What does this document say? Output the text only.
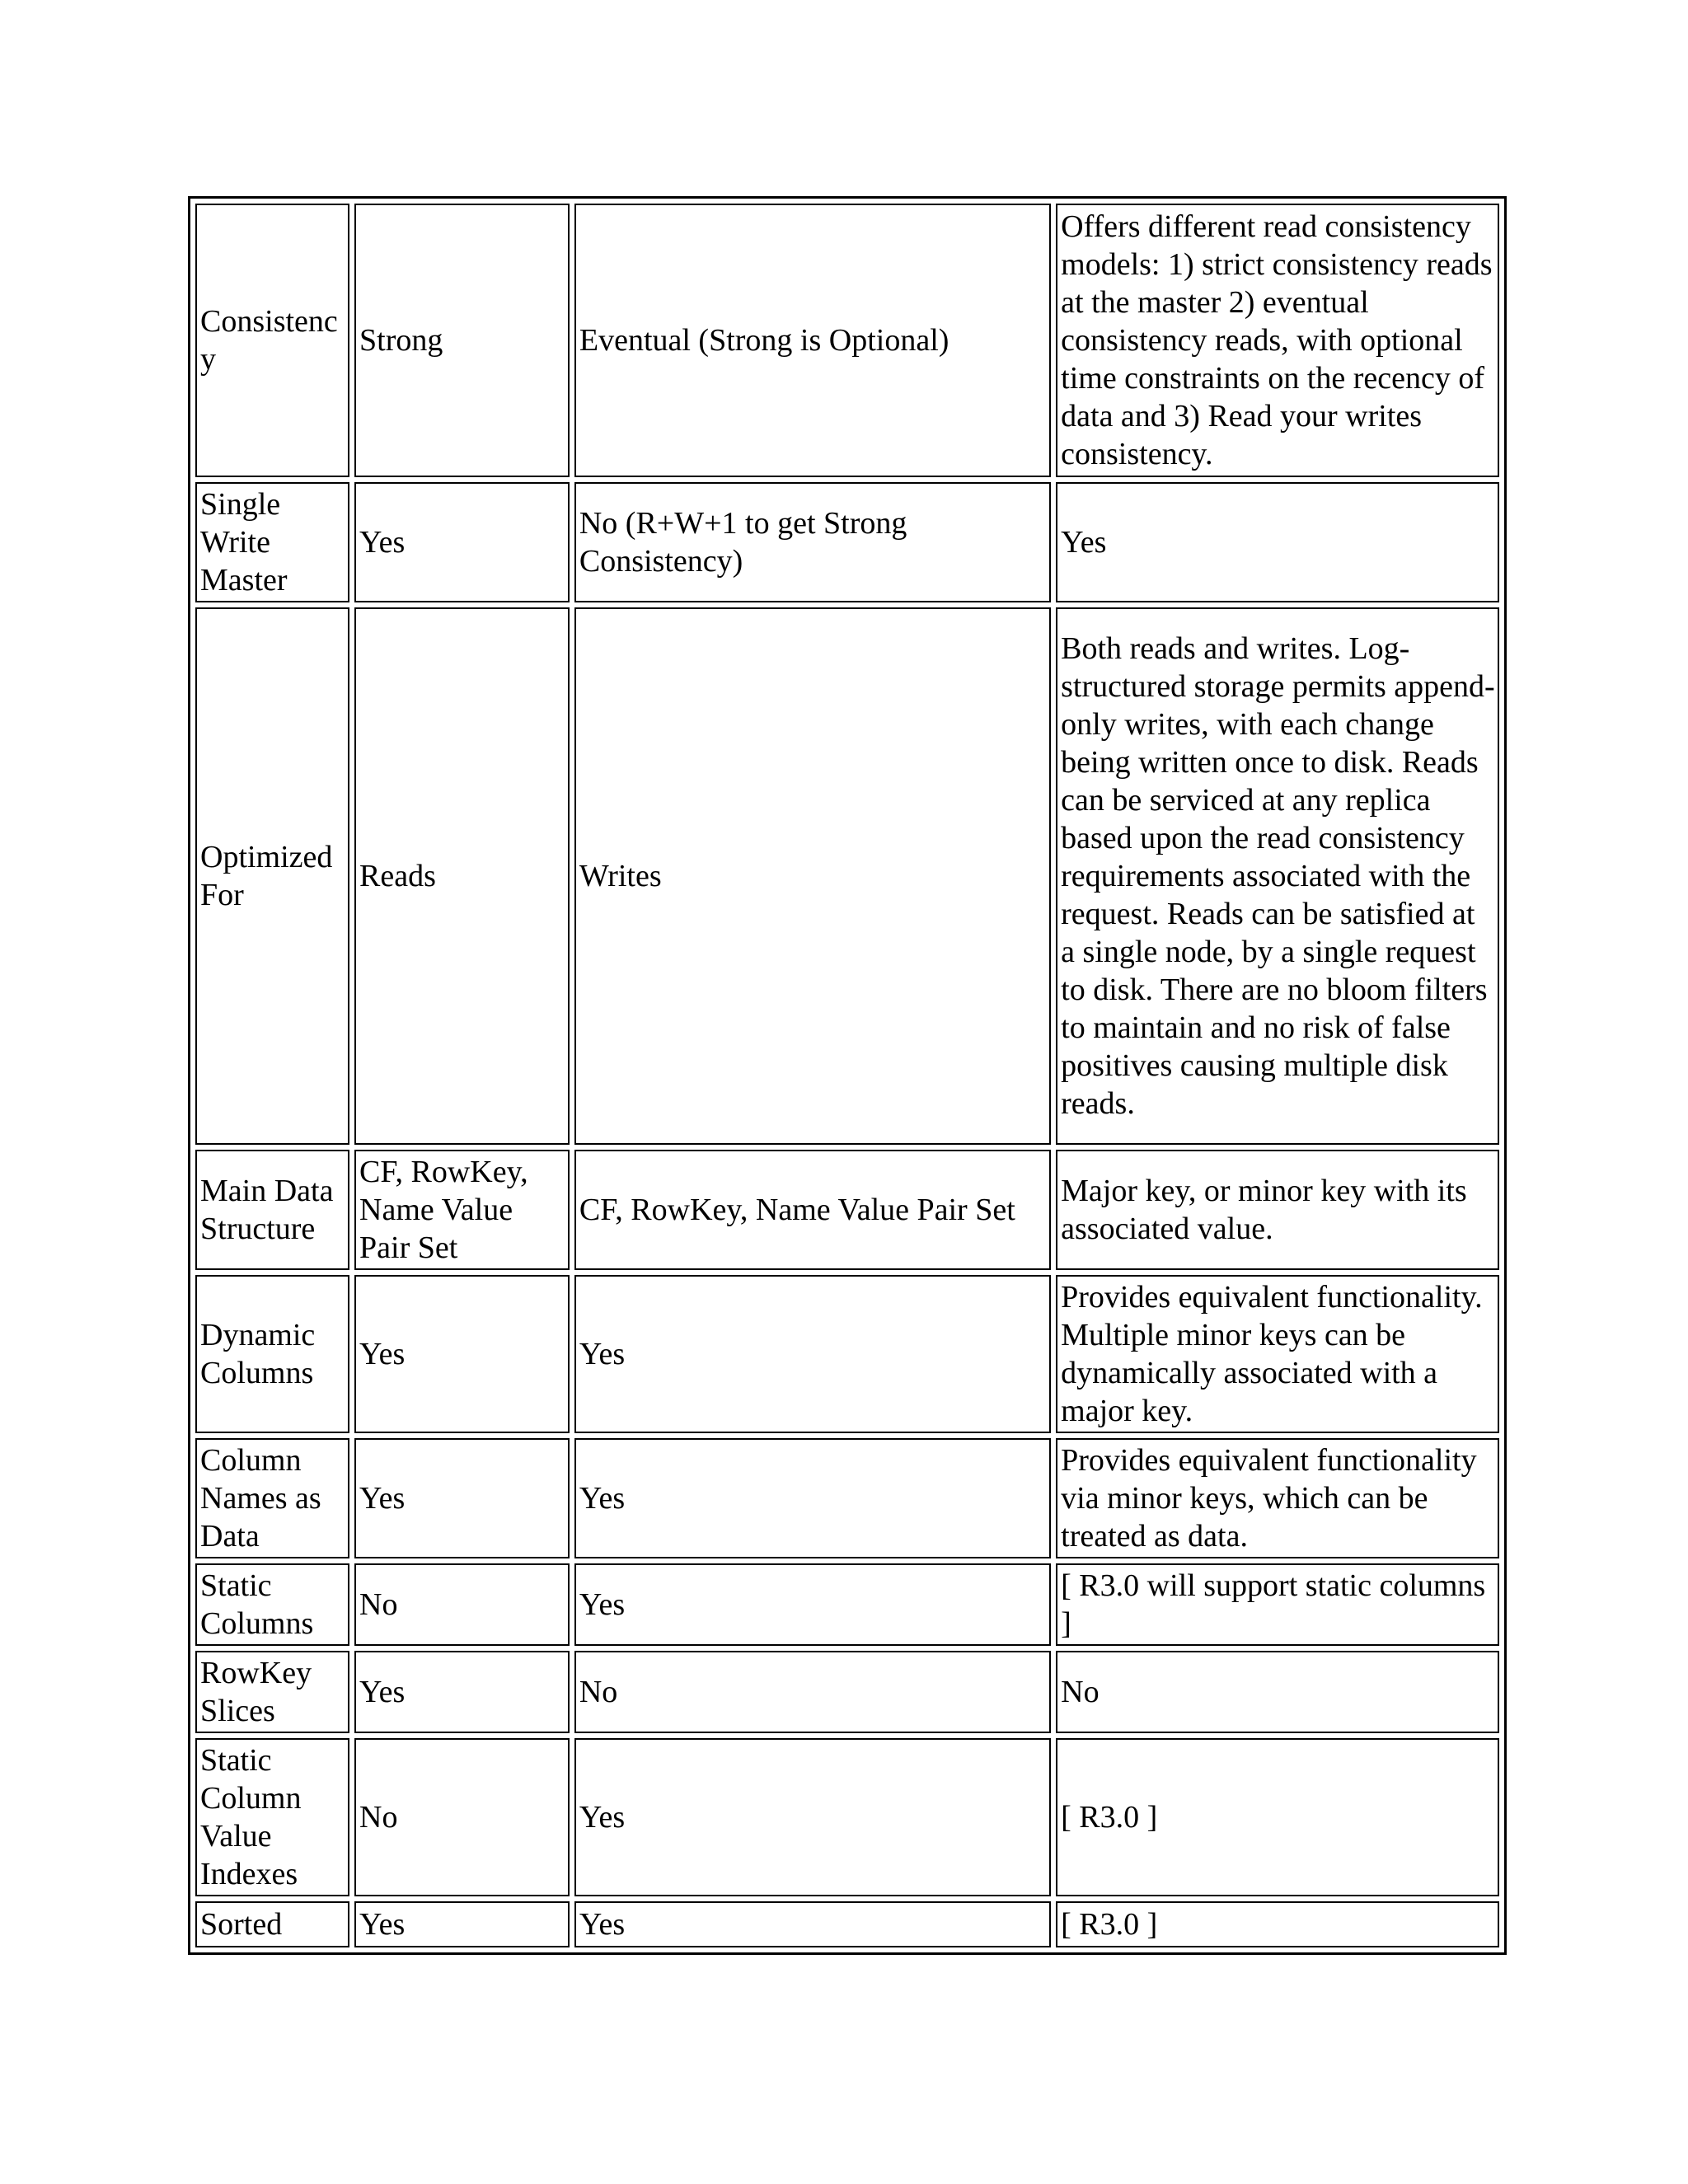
Consistency	Strong	Eventual (Strong is Optional)	Offers different read consistency models: 1) strict consistency reads at the master 2) eventual consistency reads, with optional time constraints on the recency of data and 3) Read your writes consistency.
Single Write Master	Yes	No (R+W+1 to get Strong Consistency)	Yes
Optimized For	Reads	Writes	Both reads and writes. Log-structured storage permits append-only writes, with each change being written once to disk. Reads can be serviced at any replica based upon the read consistency requirements associated with the request. Reads can be satisfied at a single node, by a single request to disk. There are no bloom filters to maintain and no risk of false positives causing multiple disk reads.
Main Data Structure	CF, RowKey, Name Value Pair Set	CF, RowKey, Name Value Pair Set	Major key, or minor key with its associated value.
Dynamic Columns	Yes	Yes	Provides equivalent functionality. Multiple minor keys can be dynamically associated with a major key.
Column Names as Data	Yes	Yes	Provides equivalent functionality via minor keys, which can be treated as data.
Static Columns	No	Yes	[ R3.0 will support static columns ]
RowKey Slices	Yes	No	No
Static Column Value Indexes	No	Yes	[ R3.0 ]
Sorted	Yes	Yes	[ R3.0 ]
